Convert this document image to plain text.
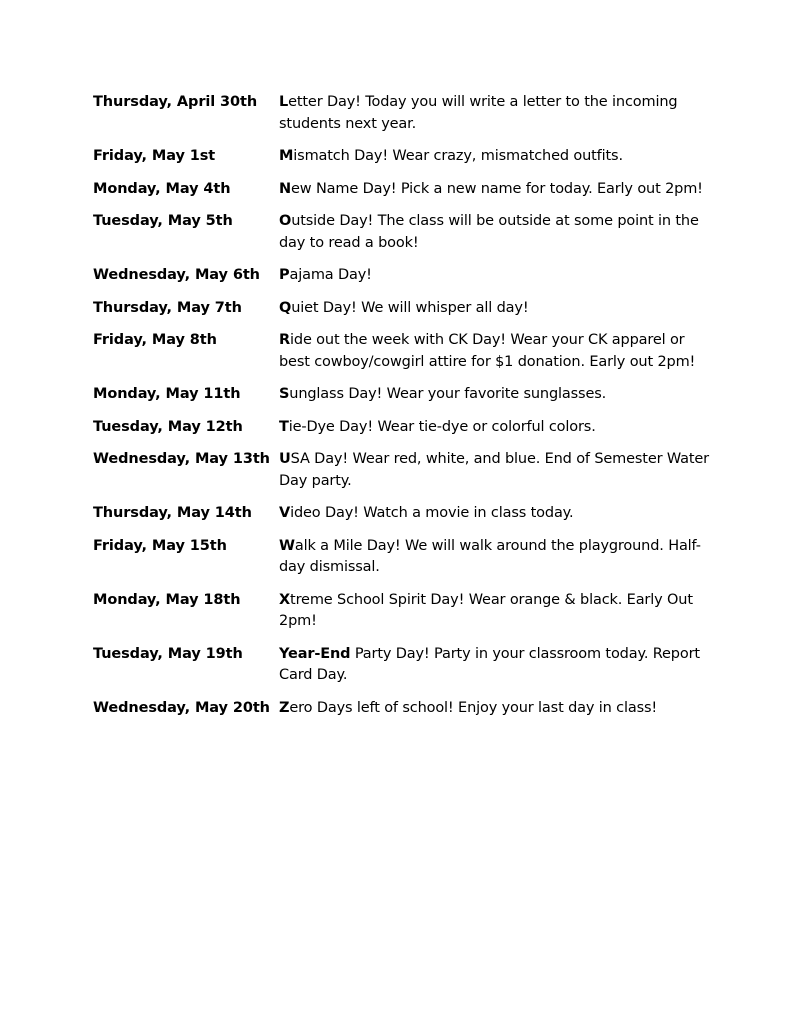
Thursday, April 30th	Letter Day! Today you will write a letter to the incoming students next year.
Friday, May 1st	Mismatch Day! Wear crazy, mismatched outfits.
Monday, May 4th	New Name Day! Pick a new name for today. Early out 2pm!
Tuesday, May 5th	Outside Day! The class will be outside at some point in the day to read a book!
Wednesday, May 6th	Pajama Day!
Thursday, May 7th	Quiet Day! We will whisper all day!
Friday, May 8th	Ride out the week with CK Day! Wear your CK apparel or best cowboy/cowgirl attire for $1 donation. Early out 2pm!
Monday, May 11th	Sunglass Day! Wear your favorite sunglasses.
Tuesday, May 12th	Tie-Dye Day! Wear tie-dye or colorful colors.
Wednesday, May 13th USA Day! Wear red, white, and blue. End of Semester Water Day party.
Thursday, May 14th	Video Day! Watch a movie in class today.
Friday, May 15th	Walk a Mile Day! We will walk around the playground. Half-day dismissal.
Monday, May 18th	Xtreme School Spirit Day! Wear orange & black. Early Out 2pm!
Tuesday, May 19th	Year-End Party Day! Party in your classroom today. Report Card Day.
Wednesday, May 20th Zero Days left of school! Enjoy your last day in class!
